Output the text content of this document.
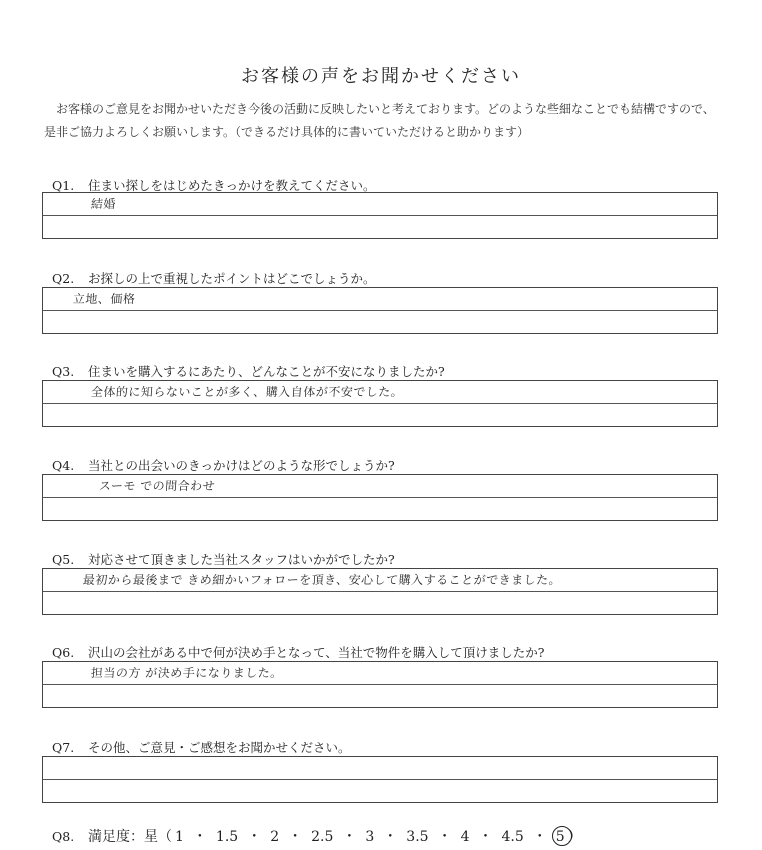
お客様の声をお聞かせください
お客様のご意見をお聞かせいただき今後の活動に反映したいと考えております。どのような些細なことでも結構ですので、是非ご協力よろしくお願いします。（できるだけ具体的に書いていただけると助かります）
Q1. 住まい探しをはじめたきっかけを教えてください。
結婚
Q2. お探しの上で重視したポイントはどこでしょうか。
立地、価格
Q3. 住まいを購入するにあたり、どんなことが不安になりましたか?
全体的に知らないことが多く、購入自体が不安でした。
Q4. 当社との出会いのきっかけはどのような形でしょうか?
スーモ での問合わせ
Q5. 対応させて頂きました当社スタッフはいかがでしたか?
最初から最後まで きめ細かいフォローを頂き、安心して購入することができました。
Q6. 沢山の会社がある中で何が決め手となって、当社で物件を購入して頂けましたか?
担当の方 が決め手になりました。
Q7. その他、ご意見・ご感想をお聞かせください。
Q8. 満足度：星（ 1 ・ 1.5 ・ 2 ・ 2.5 ・ 3 ・ 3.5 ・ 4 ・ 4.5 ・ 5 ）
